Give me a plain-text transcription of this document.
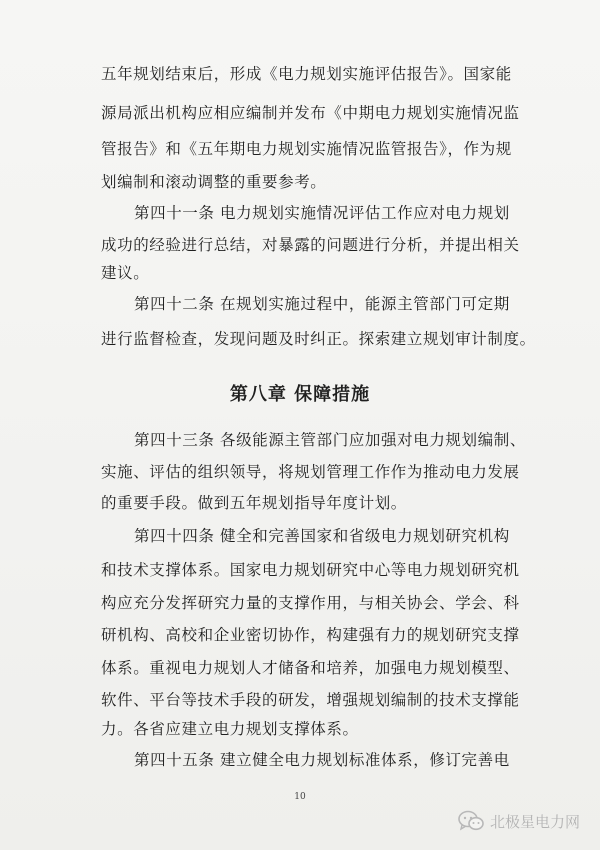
五年规划结束后，形成《电力规划实施评估报告》。国家能
源局派出机构应相应编制并发布《中期电力规划实施情况监
管报告》和《五年期电力规划实施情况监管报告》，作为规
划编制和滚动调整的重要参考。
第四十一条 电力规划实施情况评估工作应对电力规划
成功的经验进行总结，对暴露的问题进行分析，并提出相关
建议。
第四十二条 在规划实施过程中，能源主管部门可定期
进行监督检查，发现问题及时纠正。探索建立规划审计制度。
第八章 保障措施
第四十三条 各级能源主管部门应加强对电力规划编制、
实施、评估的组织领导，将规划管理工作作为推动电力发展
的重要手段。做到五年规划指导年度计划。
第四十四条 健全和完善国家和省级电力规划研究机构
和技术支撑体系。国家电力规划研究中心等电力规划研究机
构应充分发挥研究力量的支撑作用，与相关协会、学会、科
研机构、高校和企业密切协作，构建强有力的规划研究支撑
体系。重视电力规划人才储备和培养，加强电力规划模型、
软件、平台等技术手段的研发，增强规划编制的技术支撑能
力。各省应建立电力规划支撑体系。
第四十五条 建立健全电力规划标准体系，修订完善电
10
北极星电力网
